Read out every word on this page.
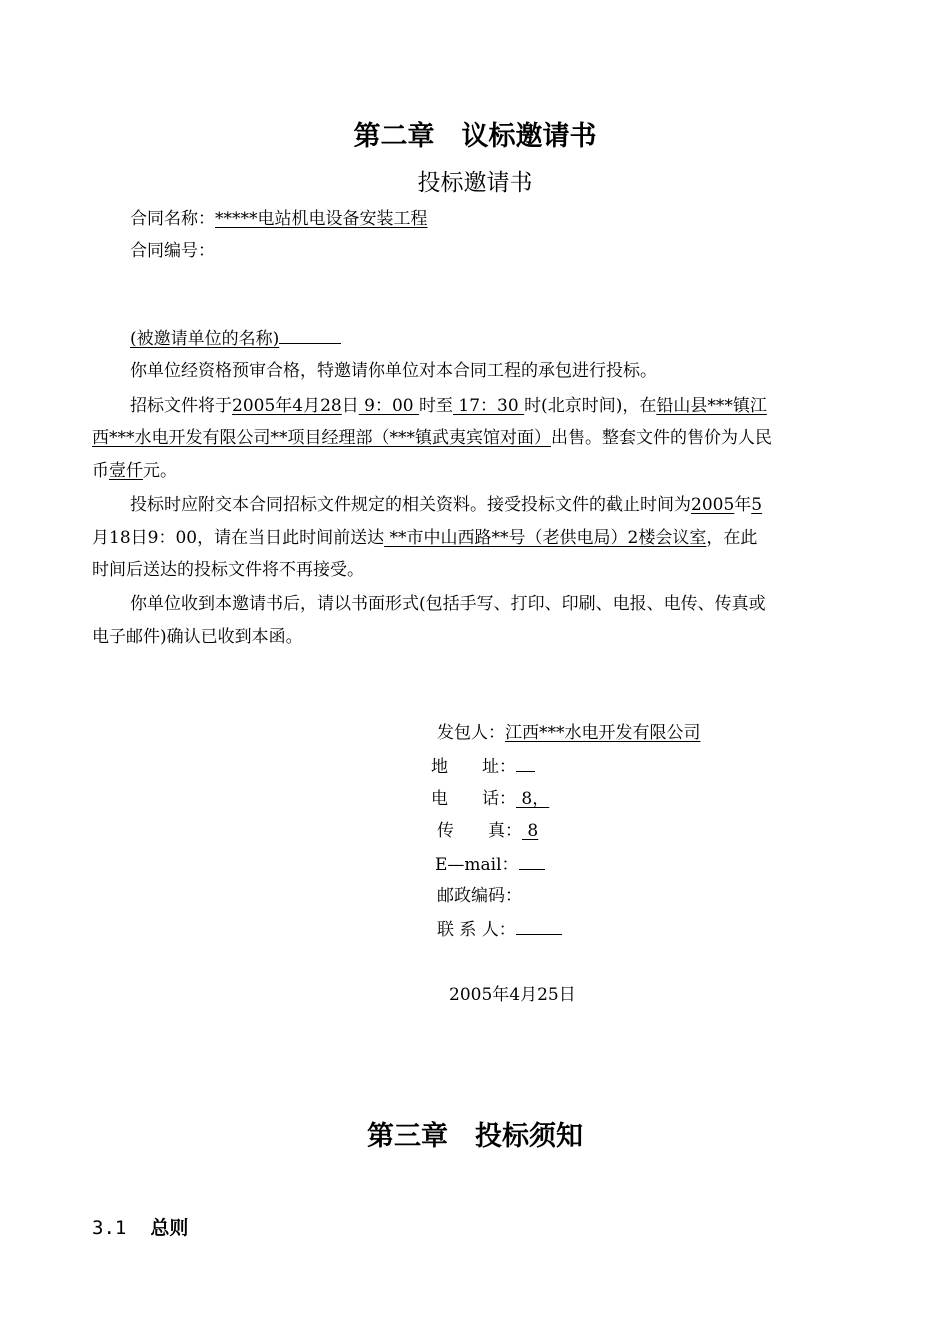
第二章　议标邀请书
投标邀请书
合同名称：*****电站机电设备安装工程
合同编号：
(被邀请单位的名称)
你单位经资格预审合格，特邀请你单位对本合同工程的承包进行投标。
招标文件将于2005年4月28日 9：00 时至 17：30 时(北京时间)，在铅山县***镇江
西***水电开发有限公司**项目经理部（***镇武夷宾馆对面）出售。整套文件的售价为人民
币壹仟元。
投标时应附交本合同招标文件规定的相关资料。接受投标文件的截止时间为2005年5
月18日9：00，请在当日此时间前送达 **市中山西路**号（老供电局）2楼会议室，在此
时间后送达的投标文件将不再接受。
你单位收到本邀请书后，请以书面形式(包括手写、打印、印刷、电报、电传、传真或
电子邮件)确认已收到本函。
发包人：江西***水电开发有限公司
地　　址：
电　　话： 8，
传　　真： 8
E—mail：
邮政编码：
联 系 人：
2005年4月25日
第三章　投标须知
3.1 总则
